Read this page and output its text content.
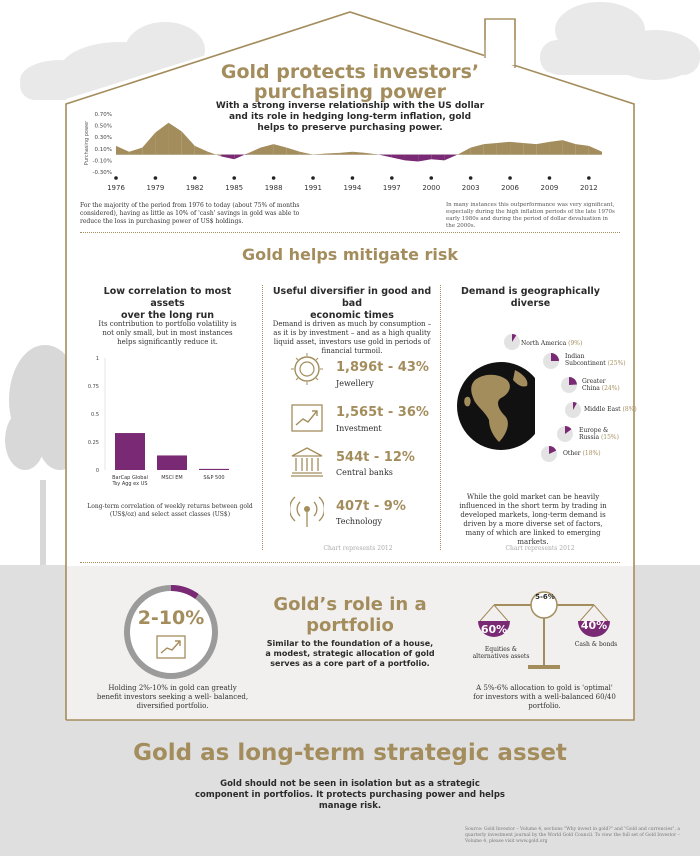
Gold protects investors’
purchasing power
With a strong inverse relationship with the US dollar
and its role in hedging long-term inflation, gold
helps to preserve purchasing power.
Purchasing power
0.70%
0.50%
0.30%
0.10%
-0.10%
-0.30%
1976	1979	1982	1985	1988	1991	1994	1997	2000	2003	2006	2009	2012
For the majority of the period from 1976 to today (about 75% of months considered), having as little as 10% of 'cash' savings in gold was able to reduce the loss in purchasing power of US$ holdings.
In many instances this outperformance was very significant, especially during the high inflation periods of the late 1970s early 1980s and during the period of dollar devaluation in the 2000s.
Gold helps mitigate risk
Low correlation to most assets
over the long run
Its contribution to portfolio volatility is not only small, but in most instances helps significantly reduce it.
1
0.75
0.5
0.25
0
BarCap Global
Tsy Agg ex US
MSCI EM	S&P 500
Long-term correlation of weekly returns between gold (US$/oz) and select asset classes (US$)
Useful diversifier in good and bad
economic times
Demand is driven as much by consumption – as it is by investment – and as a high quality liquid asset, investors use gold in periods of financial turmoil.
1,896t - 43%
Jewellery
1,565t - 36%
Investment
544t - 12%
Central banks
407t - 9%
Technology
Chart represents 2012
Demand is geographically
diverse
North America (9%)
Indian
Subcontinent (25%)
Greater
China (24%)
Middle East (8%)
Europe &
Russia (15%)
Other (18%)
While the gold market can be heavily influenced in the short term by trading in developed markets, long-term demand is driven by a more diverse set of factors, many of which are linked to emerging markets.
Chart represents 2012
2-10%
Holding 2%-10% in gold can greatly benefit investors seeking a well- balanced, diversified portfolio.
Gold’s role in a
portfolio
Similar to the foundation of a house, a modest, strategic allocation of gold serves as a core part of a portfolio.
5-6%
60%	40%
Equities &
alternatives assets
Cash & bonds
A 5%-6% allocation to gold is 'optimal' for investors with a well-balanced 60/40 portfolio.
Gold as long-term strategic asset
Gold should not be seen in isolation but as a strategic component in portfolios. It protects purchasing power and helps manage risk.
Source: Gold Investor – Volume 4, sections "Why invest in gold?" and "Gold and currencies", a quarterly investment journal by the World Gold Council. To view the full set of Gold Investor – Volume 4, please visit www.gold.org
